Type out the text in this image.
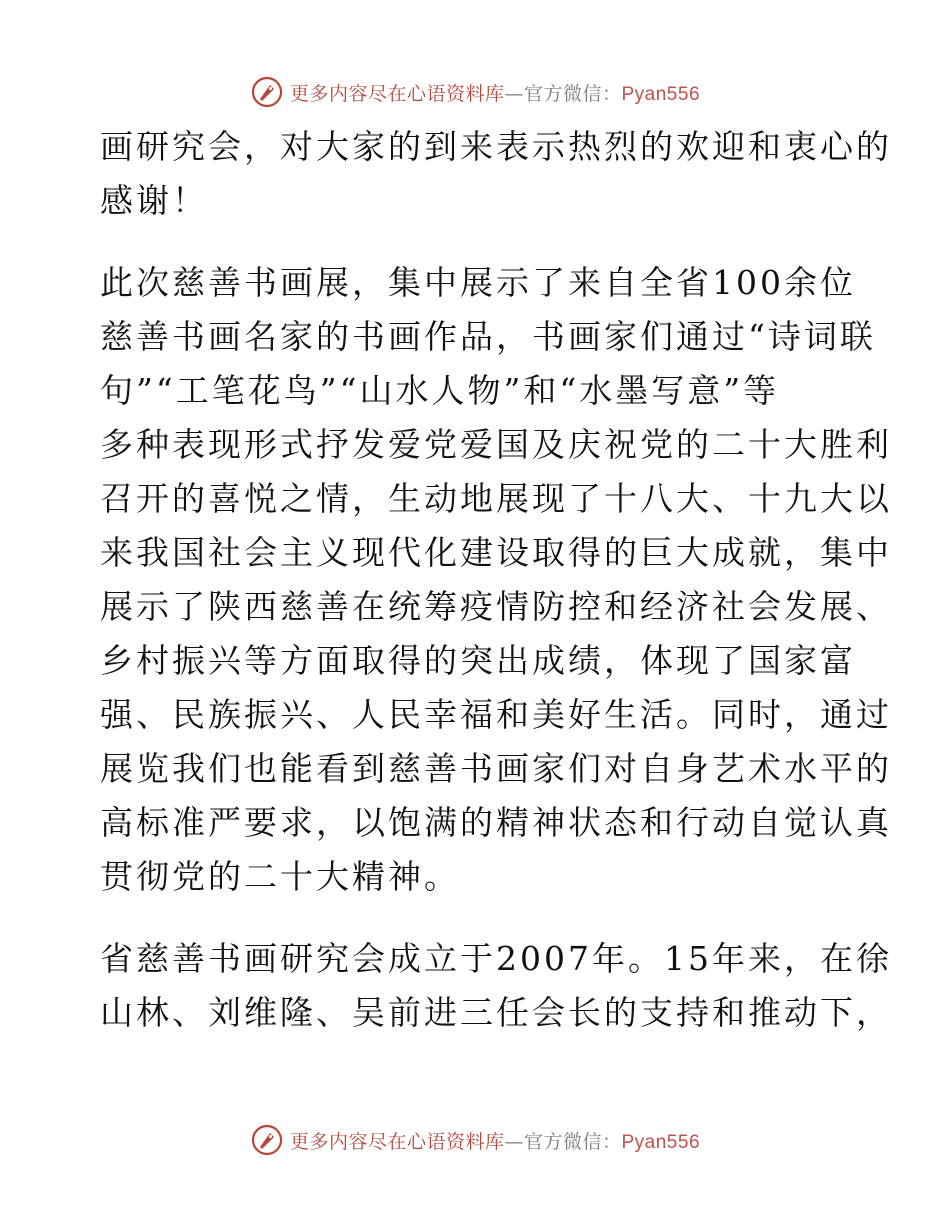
更多内容尽在心语资料库—官方微信：Pyan556

画研究会，对大家的到来表示热烈的欢迎和衷心的
感谢！

此次慈善书画展，集中展示了来自全省100余位
慈善书画名家的书画作品，书画家们通过“诗词联
句”“工笔花鸟”“山水人物”和“水墨写意”等
多种表现形式抒发爱党爱国及庆祝党的二十大胜利
召开的喜悦之情，生动地展现了十八大、十九大以
来我国社会主义现代化建设取得的巨大成就，集中
展示了陕西慈善在统筹疫情防控和经济社会发展、
乡村振兴等方面取得的突出成绩，体现了国家富
强、民族振兴、人民幸福和美好生活。同时，通过
展览我们也能看到慈善书画家们对自身艺术水平的
高标准严要求，以饱满的精神状态和行动自觉认真
贯彻党的二十大精神。

省慈善书画研究会成立于2007年。15年来，在徐
山林、刘维隆、吴前进三任会长的支持和推动下，

更多内容尽在心语资料库—官方微信：Pyan556
